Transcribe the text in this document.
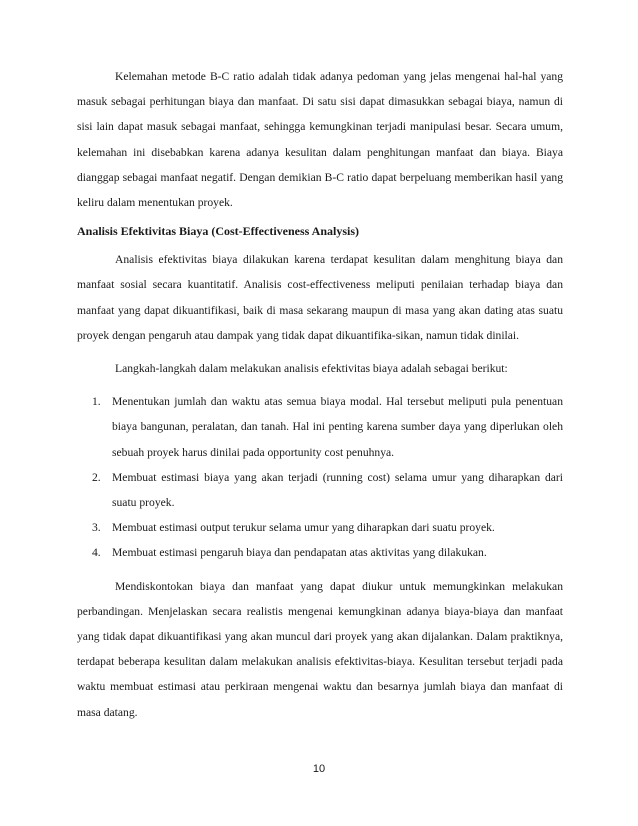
Kelemahan metode B-C ratio adalah tidak adanya pedoman yang jelas mengenai hal-hal yang masuk sebagai perhitungan biaya dan manfaat. Di satu sisi dapat dimasukkan sebagai biaya, namun di sisi lain dapat masuk sebagai manfaat, sehingga kemungkinan terjadi manipulasi besar. Secara umum, kelemahan ini disebabkan karena adanya kesulitan dalam penghitungan manfaat dan biaya. Biaya dianggap sebagai manfaat negatif. Dengan demikian B-C ratio dapat berpeluang memberikan hasil yang keliru dalam menentukan proyek.

Analisis Efektivitas Biaya (Cost-Effectiveness Analysis)

Analisis efektivitas biaya dilakukan karena terdapat kesulitan dalam menghitung biaya dan manfaat sosial secara kuantitatif. Analisis cost-effectiveness meliputi penilaian terhadap biaya dan manfaat yang dapat dikuantifikasi, baik di masa sekarang maupun di masa yang akan dating atas suatu proyek dengan pengaruh atau dampak yang tidak dapat dikuantifika-sikan, namun tidak dinilai.

Langkah-langkah dalam melakukan analisis efektivitas biaya adalah sebagai berikut:

1. Menentukan jumlah dan waktu atas semua biaya modal. Hal tersebut meliputi pula penentuan biaya bangunan, peralatan, dan tanah. Hal ini penting karena sumber daya yang diperlukan oleh sebuah proyek harus dinilai pada opportunity cost penuhnya.
2. Membuat estimasi biaya yang akan terjadi (running cost) selama umur yang diharapkan dari suatu proyek.
3. Membuat estimasi output terukur selama umur yang diharapkan dari suatu proyek.
4. Membuat estimasi pengaruh biaya dan pendapatan atas aktivitas yang dilakukan.

Mendiskontokan biaya dan manfaat yang dapat diukur untuk memungkinkan melakukan perbandingan. Menjelaskan secara realistis mengenai kemungkinan adanya biaya-biaya dan manfaat yang tidak dapat dikuantifikasi yang akan muncul dari proyek yang akan dijalankan. Dalam praktiknya, terdapat beberapa kesulitan dalam melakukan analisis efektivitas-biaya. Kesulitan tersebut terjadi pada waktu membuat estimasi atau perkiraan mengenai waktu dan besarnya jumlah biaya dan manfaat di masa datang.

10
